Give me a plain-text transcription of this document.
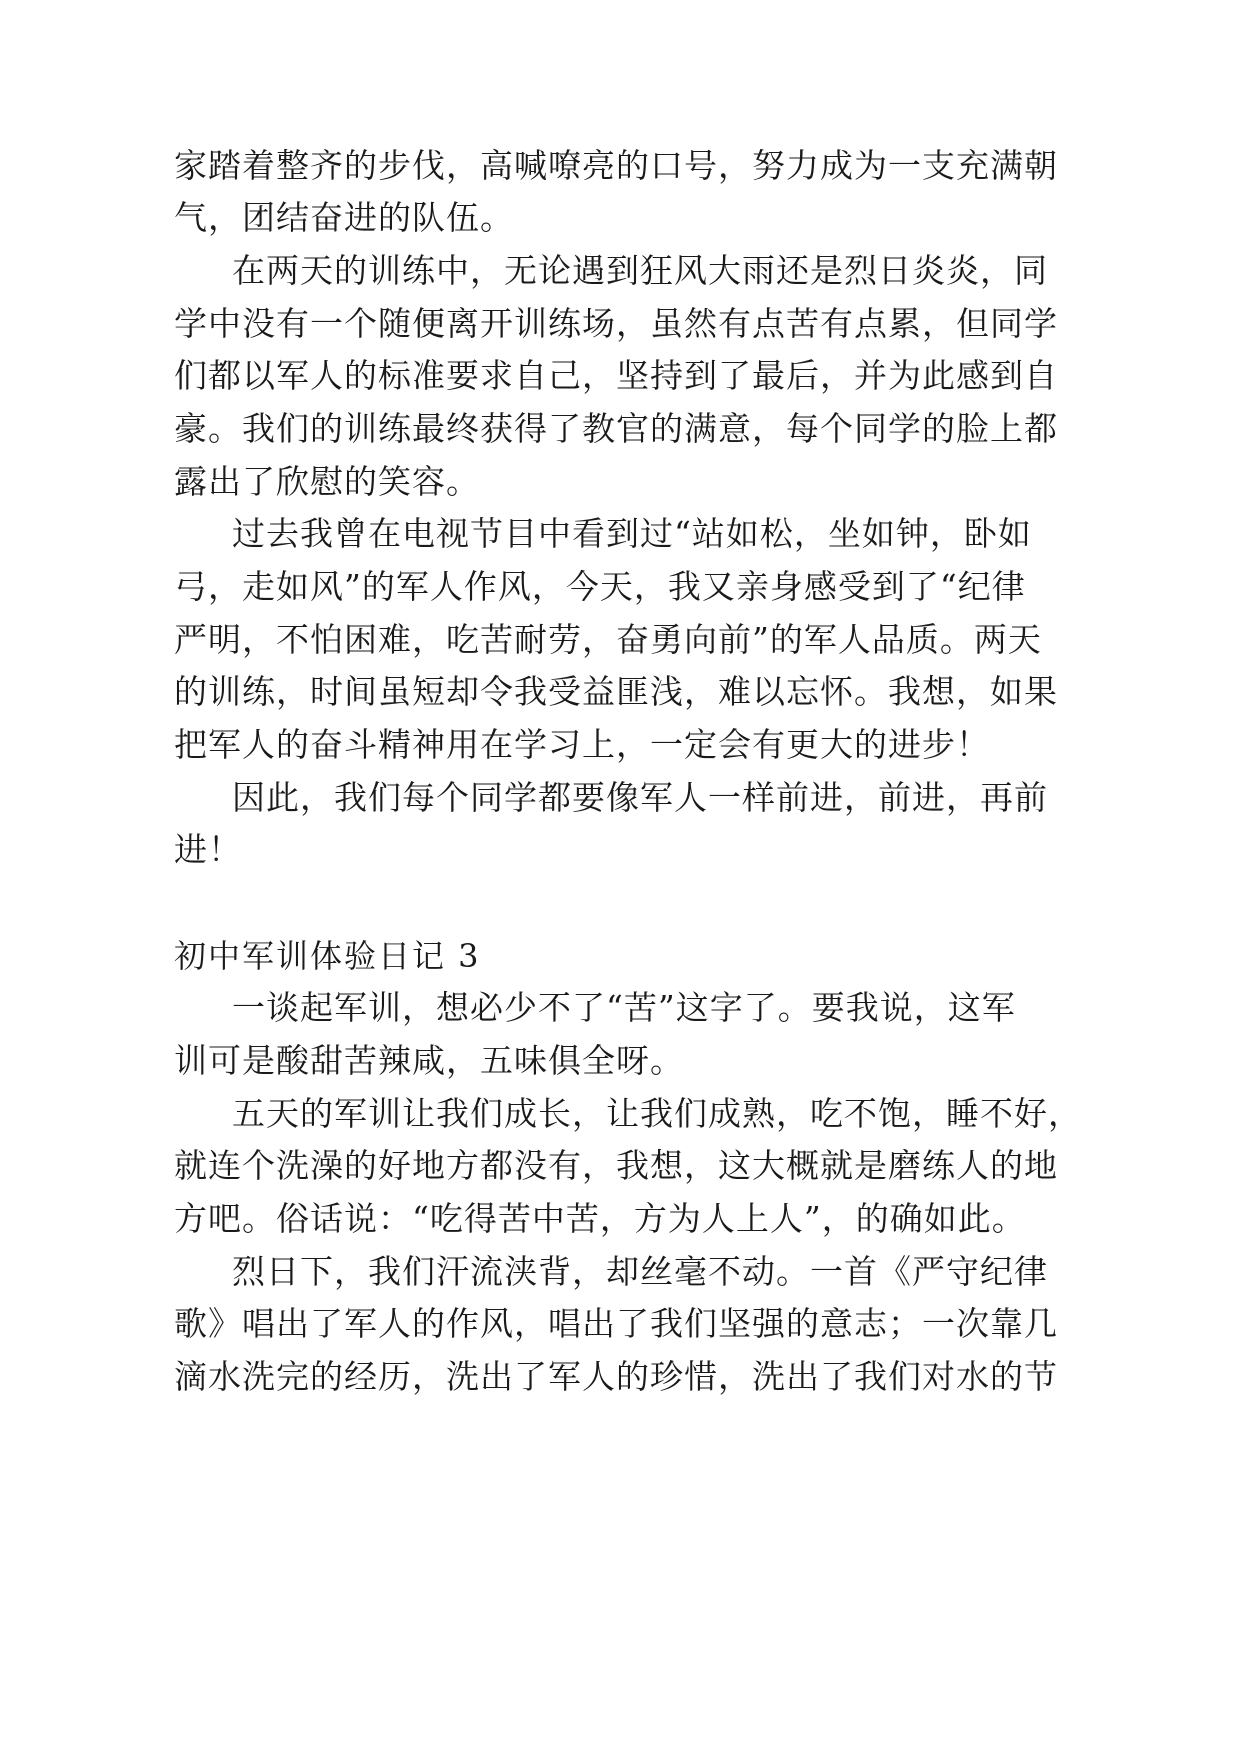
家踏着整齐的步伐，高喊嘹亮的口号，努力成为一支充满朝

气，团结奋进的队伍。

在两天的训练中，无论遇到狂风大雨还是烈日炎炎，同

学中没有一个随便离开训练场，虽然有点苦有点累，但同学

们都以军人的标准要求自己，坚持到了最后，并为此感到自

豪。我们的训练最终获得了教官的满意，每个同学的脸上都

露出了欣慰的笑容。

过去我曾在电视节目中看到过“站如松，坐如钟，卧如

弓，走如风”的军人作风，今天，我又亲身感受到了“纪律

严明，不怕困难，吃苦耐劳，奋勇向前”的军人品质。两天

的训练，时间虽短却令我受益匪浅，难以忘怀。我想，如果

把军人的奋斗精神用在学习上，一定会有更大的进步！

因此，我们每个同学都要像军人一样前进，前进，再前

进！

初中军训体验日记 3

一谈起军训，想必少不了“苦”这字了。要我说，这军

训可是酸甜苦辣咸，五味俱全呀。

五天的军训让我们成长，让我们成熟，吃不饱，睡不好，

就连个洗澡的好地方都没有，我想，这大概就是磨练人的地

方吧。俗话说：“吃得苦中苦，方为人上人”，的确如此。

烈日下，我们汗流浃背，却丝毫不动。一首《严守纪律

歌》唱出了军人的作风，唱出了我们坚强的意志；一次靠几

滴水洗完的经历，洗出了军人的珍惜，洗出了我们对水的节
